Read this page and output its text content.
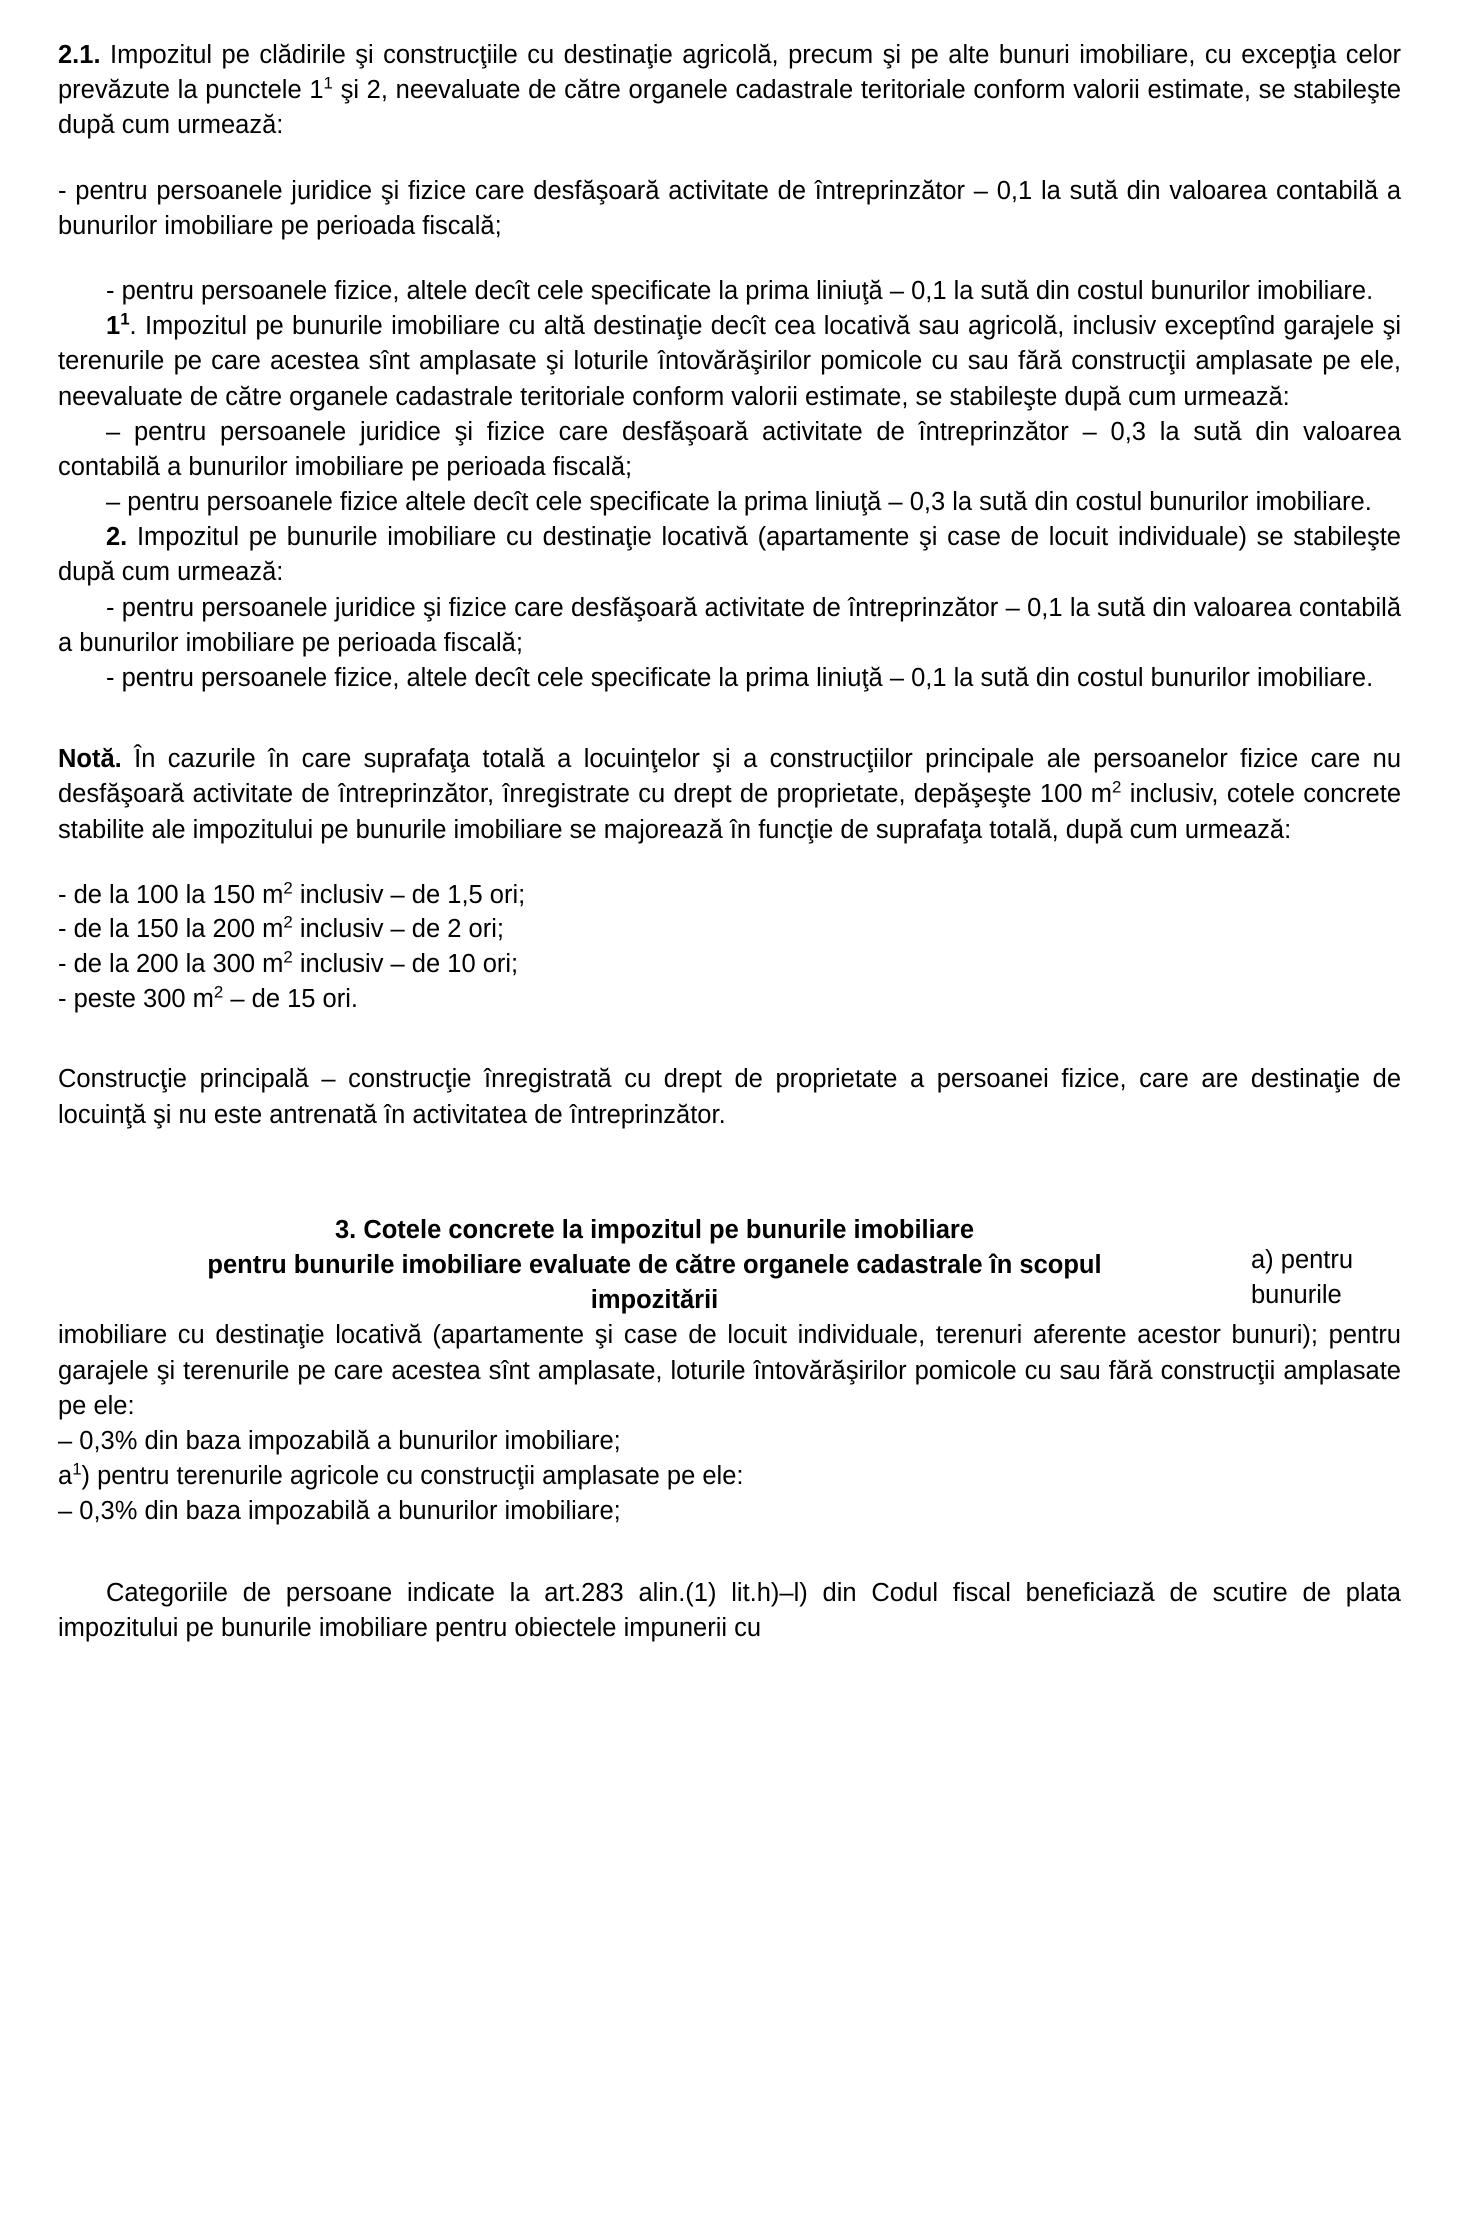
2.1. Impozitul pe clădirile şi construcţiile cu destinaţie agricolă, precum şi pe alte bunuri imobiliare, cu excepţia celor prevăzute la punctele $1^1$ şi 2, neevaluate de către organele cadastrale teritoriale conform valorii estimate, se stabileşte după cum urmează:

- pentru persoanele juridice şi fizice care desfăşoară activitate de întreprinzător – 0,1 la sută din valoarea contabilă a bunurilor imobiliare pe perioada fiscală;

- pentru persoanele fizice, altele decît cele specificate la prima liniuţă – 0,1 la sută din costul bunurilor imobiliare.

$1^1$. Impozitul pe bunurile imobiliare cu altă destinaţie decît cea locativă sau agricolă, inclusiv exceptînd garajele şi terenurile pe care acestea sînt amplasate şi loturile întovărăşirilor pomicole cu sau fără construcţii amplasate pe ele, neevaluate de către organele cadastrale teritoriale conform valorii estimate, se stabileşte după cum urmează:

– pentru persoanele juridice şi fizice care desfăşoară activitate de întreprinzător – 0,3 la sută din valoarea contabilă a bunurilor imobiliare pe perioada fiscală;

– pentru persoanele fizice altele decît cele specificate la prima liniuţă – 0,3 la sută din costul bunurilor imobiliare.

2. Impozitul pe bunurile imobiliare cu destinaţie locativă (apartamente şi case de locuit individuale) se stabileşte după cum urmează:

- pentru persoanele juridice şi fizice care desfăşoară activitate de întreprinzător – 0,1 la sută din valoarea contabilă a bunurilor imobiliare pe perioada fiscală;

- pentru persoanele fizice, altele decît cele specificate la prima liniuţă – 0,1 la sută din costul bunurilor imobiliare.

Notă. În cazurile în care suprafaţa totală a locuinţelor şi a construcţiilor principale ale persoanelor fizice care nu desfăşoară activitate de întreprinzător, înregistrate cu drept de proprietate, depăşeşte 100 $m^2$ inclusiv, cotele concrete stabilite ale impozitului pe bunurile imobiliare se majorează în funcţie de suprafaţa totală, după cum urmează:

- de la 100 la 150 $m^2$ inclusiv – de 1,5 ori;

- de la 150 la 200 $m^2$ inclusiv – de 2 ori;

- de la 200 la 300 $m^2$ inclusiv – de 10 ori;

- peste 300 $m^2$ – de 15 ori.

Construcţie principală – construcţie înregistrată cu drept de proprietate a persoanei fizice, care are destinaţie de locuinţă şi nu este antrenată în activitatea de întreprinzător.

a) pentru bunurile
3. Cotele concrete la impozitul pe bunurile imobiliare
pentru bunurile imobiliare evaluate de către organele cadastrale în scopul
impozitării

imobiliare cu destinaţie locativă (apartamente şi case de locuit individuale, terenuri aferente acestor bunuri); pentru garajele şi terenurile pe care acestea sînt amplasate, loturile întovărăşirilor pomicole cu sau fără construcţii amplasate pe ele:

– 0,3% din baza impozabilă a bunurilor imobiliare;

$a^1$) pentru terenurile agricole cu construcţii amplasate pe ele:

– 0,3% din baza impozabilă a bunurilor imobiliare;

Categoriile de persoane indicate la art.283 alin.(1) lit.h)–l) din Codul fiscal beneficiază de scutire de plata impozitului pe bunurile imobiliare pentru obiectele impunerii cu
